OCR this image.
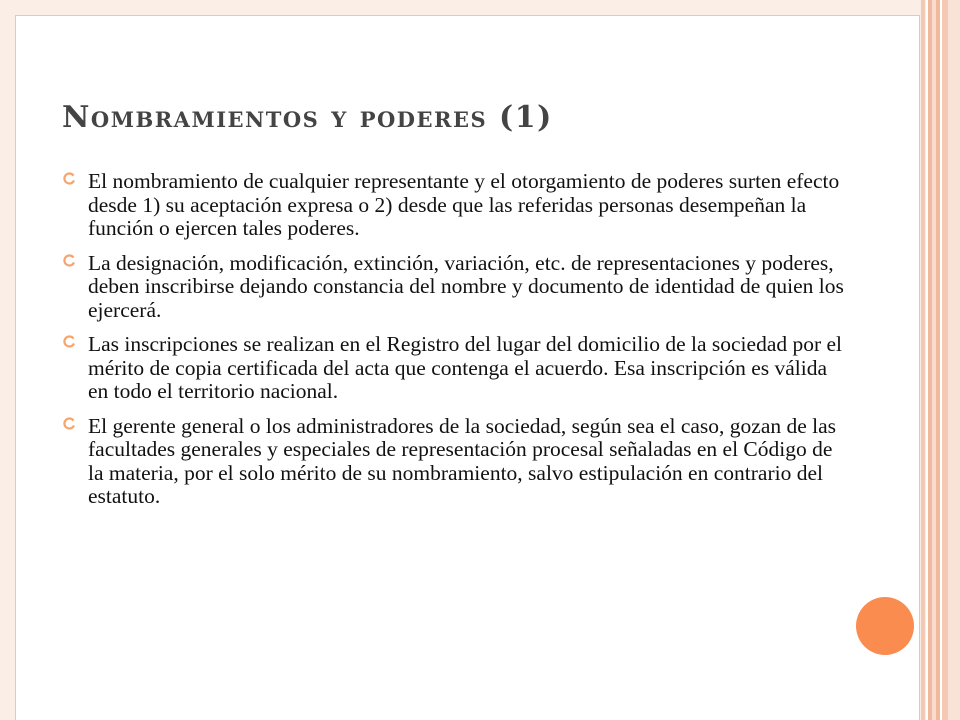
Nombramientos y poderes (1)
El nombramiento de cualquier representante y el otorgamiento de poderes surten efecto desde 1) su aceptación expresa o 2) desde que las referidas personas desempeñan la función o ejercen tales poderes.
La designación, modificación, extinción, variación, etc. de representaciones y poderes, deben inscribirse dejando constancia del nombre y documento de identidad de quien los ejercerá.
Las inscripciones se realizan en el Registro del lugar del domicilio de la sociedad por el mérito de copia certificada del acta que contenga el acuerdo. Esa inscripción es válida en todo el territorio nacional.
El gerente general o los administradores de la sociedad, según sea el caso, gozan de las facultades generales y especiales de representación procesal señaladas en el Código de la materia, por el solo mérito de su nombramiento, salvo estipulación en contrario del estatuto.
